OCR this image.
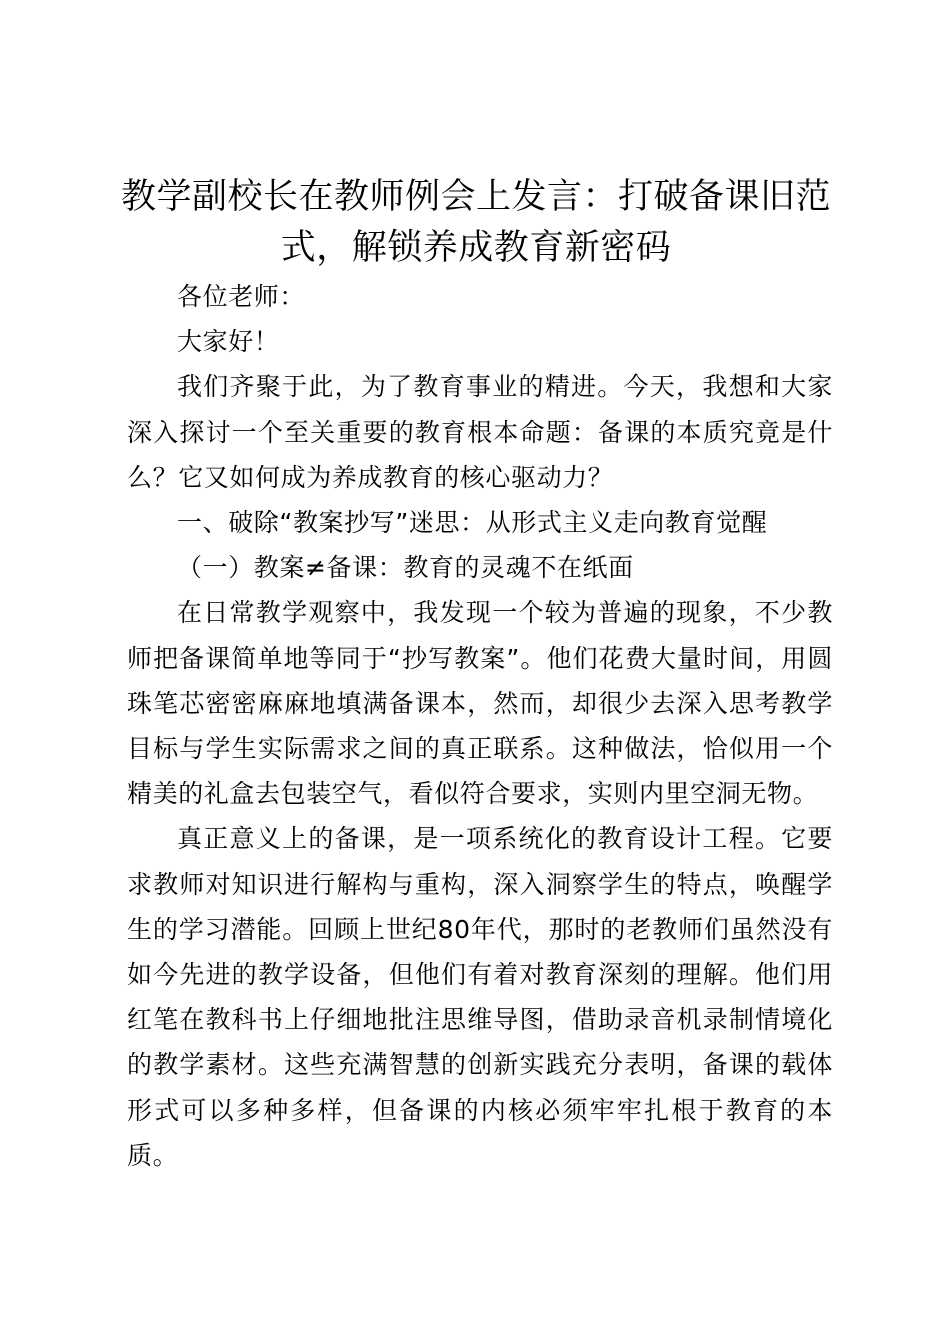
教学副校长在教师例会上发言：打破备课旧范式，解锁养成教育新密码

各位老师：

大家好！

我们齐聚于此，为了教育事业的精进。今天，我想和大家深入探讨一个至关重要的教育根本命题：备课的本质究竟是什么？它又如何成为养成教育的核心驱动力？

一、破除“教案抄写”迷思：从形式主义走向教育觉醒

（一）教案≠备课：教育的灵魂不在纸面

在日常教学观察中，我发现一个较为普遍的现象，不少教师把备课简单地等同于“抄写教案”。他们花费大量时间，用圆珠笔芯密密麻麻地填满备课本，然而，却很少去深入思考教学目标与学生实际需求之间的真正联系。这种做法，恰似用一个精美的礼盒去包装空气，看似符合要求，实则内里空洞无物。

真正意义上的备课，是一项系统化的教育设计工程。它要求教师对知识进行解构与重构，深入洞察学生的特点，唤醒学生的学习潜能。回顾上世纪80年代，那时的老教师们虽然没有如今先进的教学设备，但他们有着对教育深刻的理解。他们用红笔在教科书上仔细地批注思维导图，借助录音机录制情境化的教学素材。这些充满智慧的创新实践充分表明，备课的载体形式可以多种多样，但备课的内核必须牢牢扎根于教育的本质。
